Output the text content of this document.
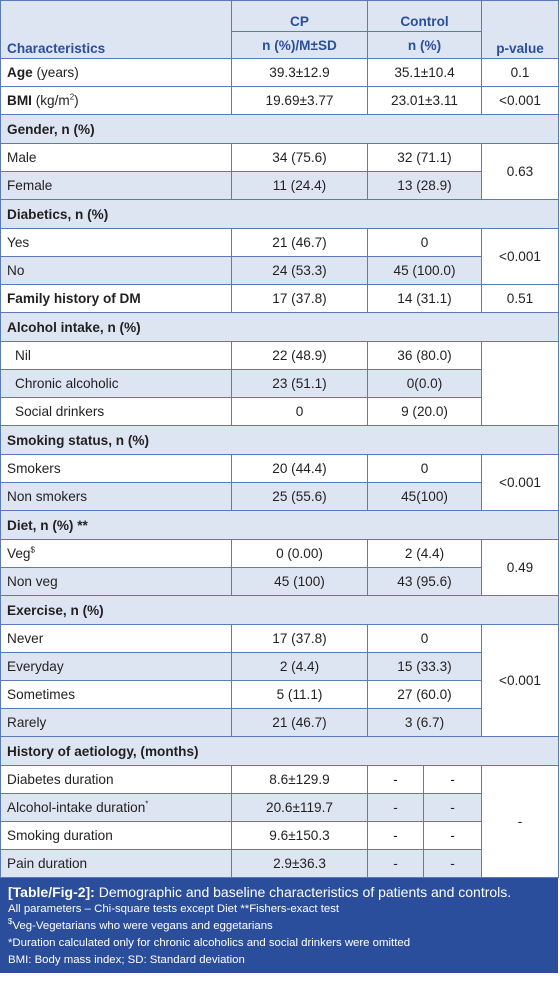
Characteristics	CP	Control		p-value
	n (%)/M±SD	n (%)		
Age (years)	39.3±12.9	35.1±10.4		0.1
BMI $(kg/m^2)$	19.69±3.77	23.01±3.11		<0.001
Gender, n (%)				
Male	34 (75.6)	32 (71.1)		0.63
Female	11 (24.4)	13 (28.9)		
Diabetics, n (%)				
Yes	21 (46.7)	0		<0.001
No	24 (53.3)	45 (100.0)		
Family history of DM	17 (37.8)	14 (31.1)		0.51
Alcohol intake, n (%)				
Nil	22 (48.9)	36 (80.0)		
Chronic alcoholic	23 (51.1)	0(0.0)		
Social drinkers	0	9 (20.0)		
Smoking status, n (%)				
Smokers	20 (44.4)	0		<0.001
Non smokers	25 (55.6)	45(100)		
Diet, n (%) **				
Veg$	0 (0.00)	2 (4.4)		0.49
Non veg	45 (100)	43 (95.6)		
Exercise, n (%)				
Never	17 (37.8)	0		<0.001
Everyday	2 (4.4)	15 (33.3)		
Sometimes	5 (11.1)	27 (60.0)		
Rarely	21 (46.7)	3 (6.7)		
History of aetiology, (months)				
Diabetes duration	8.6±129.9	-	-	-
Alcohol-intake duration*	20.6±119.7	-	-	
Smoking duration	9.6±150.3	-	-	
Pain duration	2.9±36.3	-	-	
[Table/Fig-2]: Demographic and baseline characteristics of patients and controls.
All parameters – Chi-square tests except Diet **Fishers-exact test
$Veg-Vegetarians who were vegans and eggetarians
*Duration calculated only for chronic alcoholics and social drinkers were omitted
BMI: Body mass index; SD: Standard deviation
